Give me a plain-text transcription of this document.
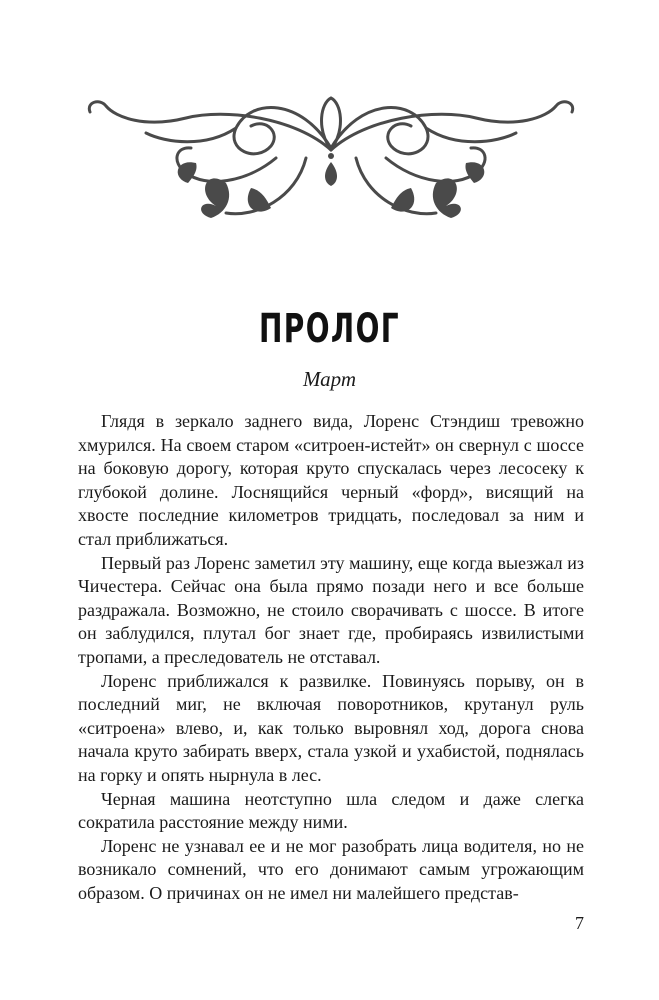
ПРОЛОГ
Март

Глядя в зеркало заднего вида, Лоренс Стэндиш тревожно хмурился. На своем старом «ситроен-истейт» он свернул с шоссе на боковую дорогу, которая круто спускалась через лесосеку к глубокой долине. Лоснящийся черный «форд», висящий на хвосте последние километров тридцать, последовал за ним и стал приближаться.

Первый раз Лоренс заметил эту машину, еще когда выезжал из Чичестера. Сейчас она была прямо позади него и все больше раздражала. Возможно, не стоило сворачивать с шоссе. В итоге он заблудился, плутал бог знает где, пробираясь извилистыми тропами, а преследователь не отставал.

Лоренс приближался к развилке. Повинуясь порыву, он в последний миг, не включая поворотников, крутанул руль «ситроена» влево, и, как только выровнял ход, дорога снова начала круто забирать вверх, стала узкой и ухабистой, поднялась на горку и опять нырнула в лес.

Черная машина неотступно шла следом и даже слегка сократила расстояние между ними.

Лоренс не узнавал ее и не мог разобрать лица водителя, но не возникало сомнений, что его донимают самым угрожающим образом. О причинах он не имел ни малейшего представ-

7
